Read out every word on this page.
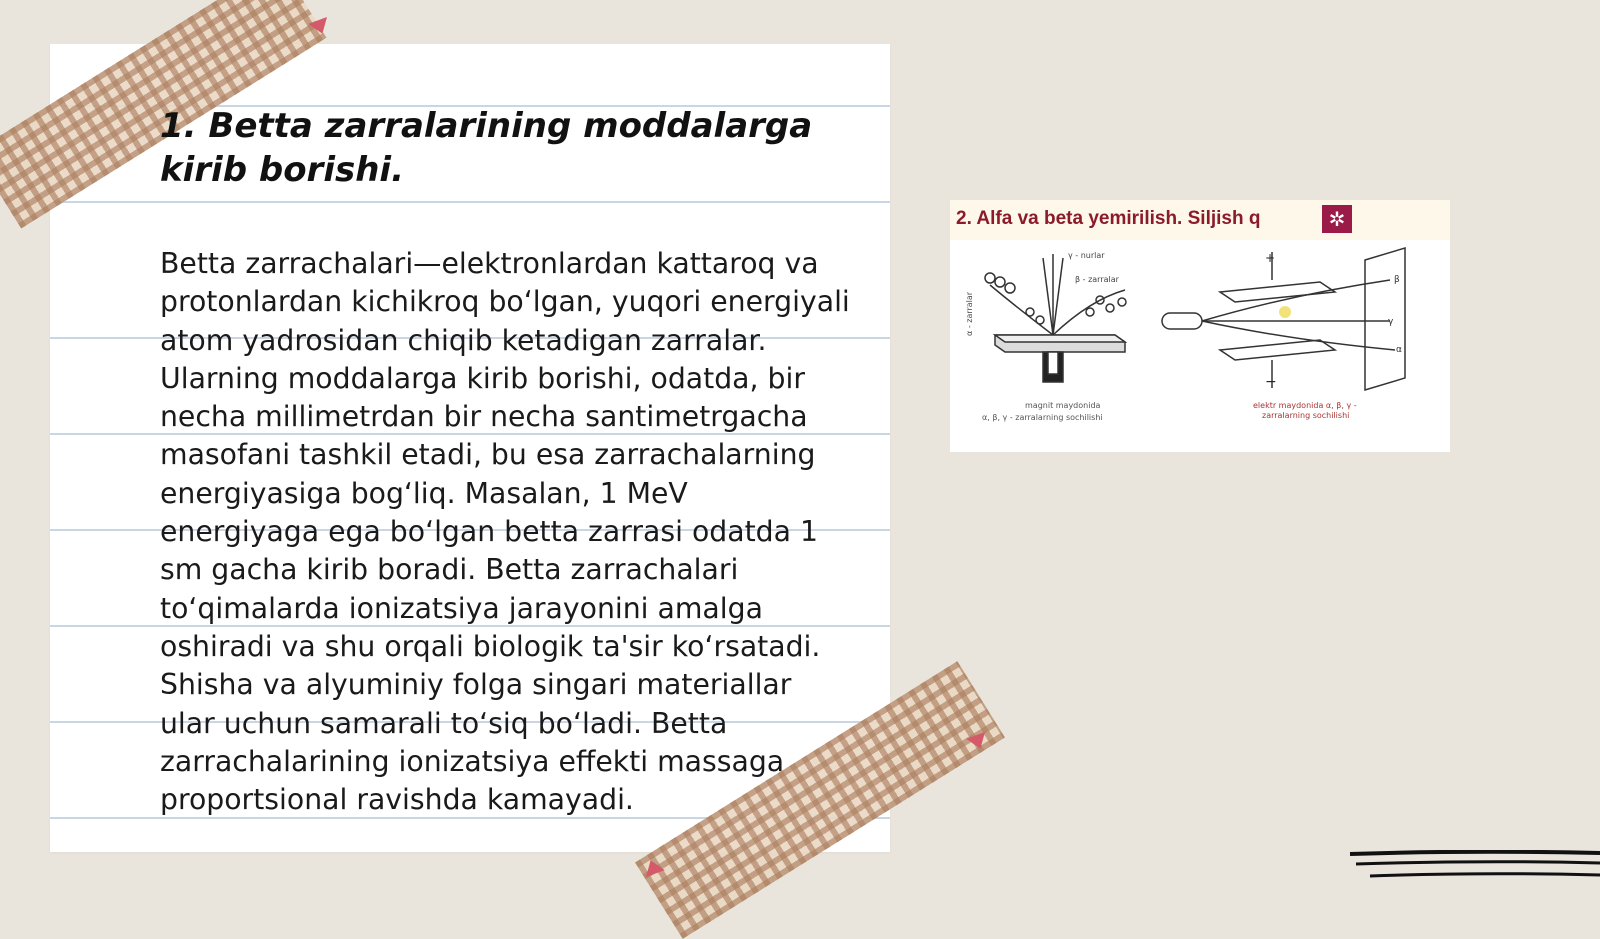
1. Betta zarralarining moddalarga kirib borishi.

Betta zarrachalari—elektronlardan kattaroq va protonlardan kichikroq boʻlgan, yuqori energiyali atom yadrosidan chiqib ketadigan zarralar. Ularning moddalarga kirib borishi, odatda, bir necha millimetrdan bir necha santimetrgacha masofani tashkil etadi, bu esa zarrachalarning energiyasiga bogʻliq. Masalan, 1 MeV energiyaga ega boʻlgan betta zarrasi odatda 1 sm gacha kirib boradi. Betta zarrachalari toʻqimalarda ionizatsiya jarayonini amalga oshiradi va shu orqali biologik ta'sir koʻrsatadi. Shisha va alyuminiy folga singari materiallar ular uchun samarali toʻsiq boʻladi. Betta zarrachalarining ionizatsiya effekti massaga proportsional ravishda kamayadi.

2. Alfa va beta yemirilish. Siljish q	✲
γ - nurlar
β - zarralar
α - zarralar
magnit maydonida
α, β, γ - zarralarning sochilishi
+
−
β
γ
α
elektr maydonida α, β, γ -
zarralarning sochilishi
